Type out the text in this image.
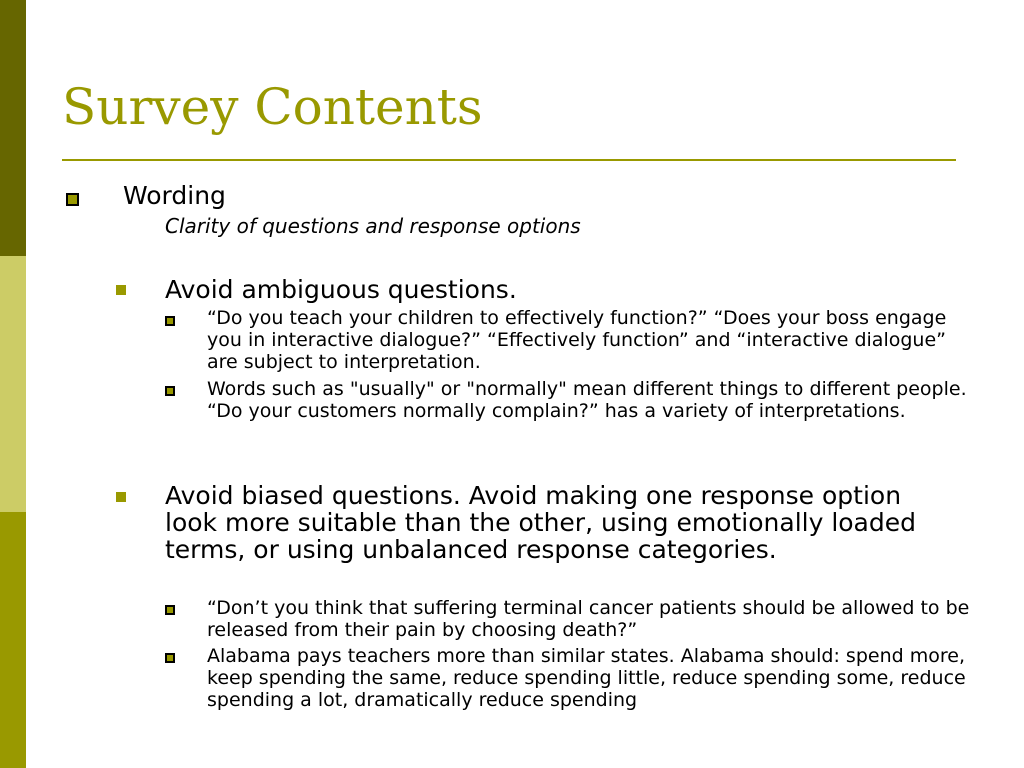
Survey Contents
Wording
Clarity of questions and response options
Avoid ambiguous questions.
“Do you teach your children to effectively function?” “Does your boss engage you in interactive dialogue?” “Effectively function” and “interactive dialogue” are subject to interpretation.
Words such as "usually" or "normally" mean different things to different people. “Do your customers normally complain?” has a variety of interpretations.
Avoid biased questions. Avoid making one response option look more suitable than the other, using emotionally loaded terms, or using unbalanced response categories.
“Don’t you think that suffering terminal cancer patients should be allowed to be released from their pain by choosing death?”
Alabama pays teachers more than similar states. Alabama should: spend more, keep spending the same, reduce spending little, reduce spending some, reduce spending a lot, dramatically reduce spending
